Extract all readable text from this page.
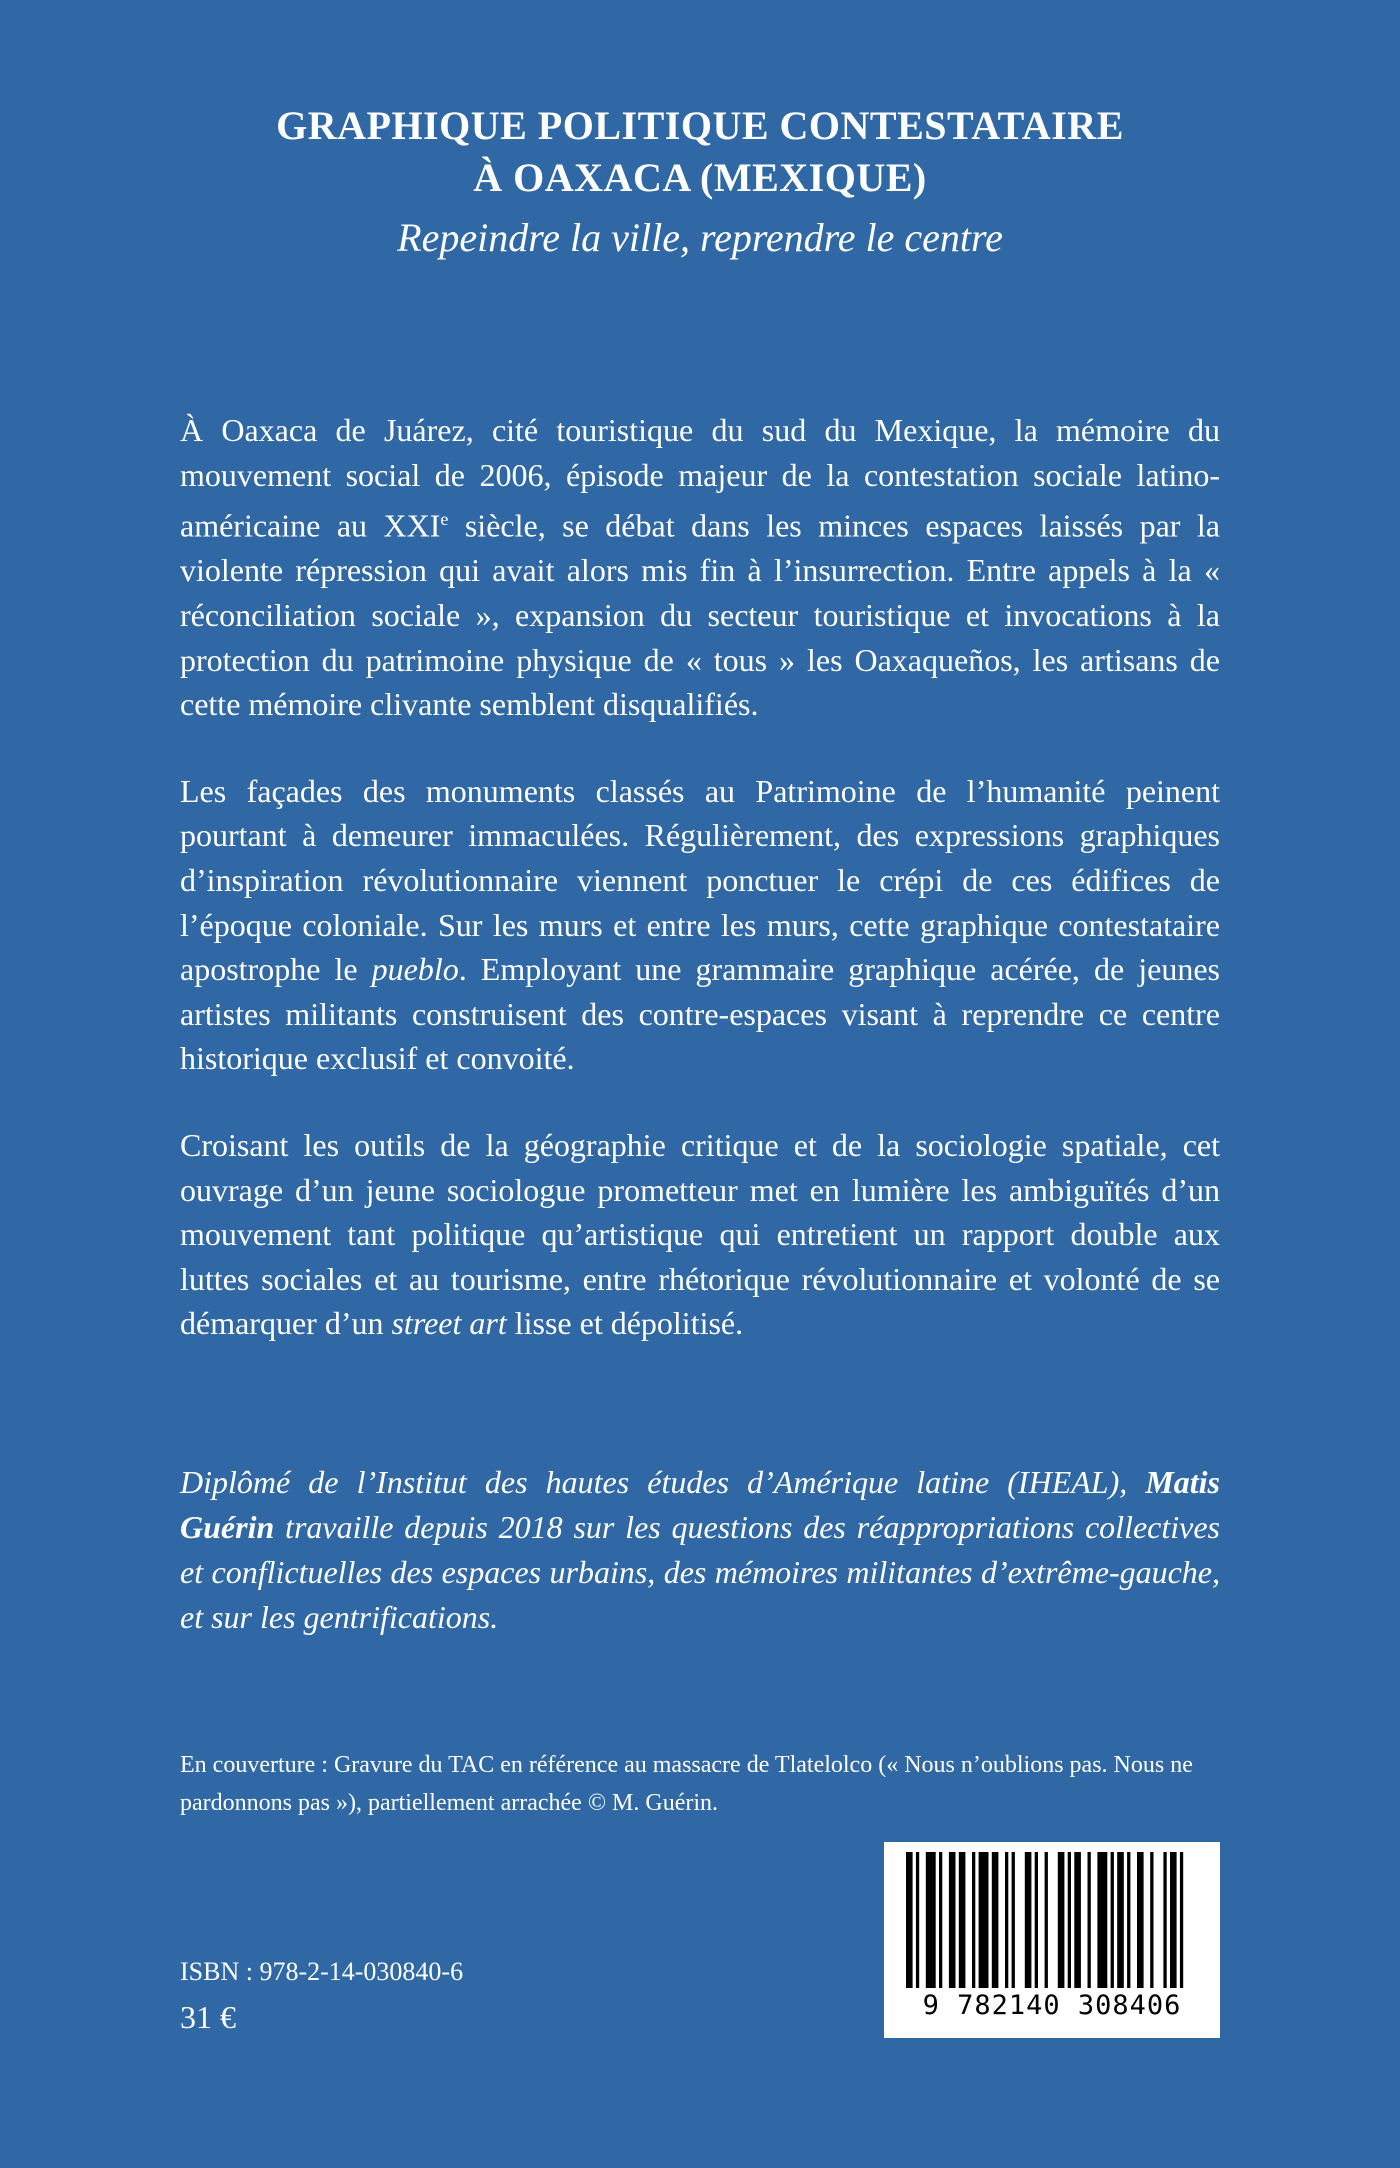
GRAPHIQUE POLITIQUE CONTESTATAIRE
À OAXACA (MEXIQUE)
Repeindre la ville, reprendre le centre

À Oaxaca de Juárez, cité touristique du sud du Mexique, la mémoire du mouvement social de 2006, épisode majeur de la contestation sociale latino-américaine au XXIe siècle, se débat dans les minces espaces laissés par la violente répression qui avait alors mis fin à l’insurrection. Entre appels à la « réconciliation sociale », expansion du secteur touristique et invocations à la protection du patrimoine physique de « tous » les Oaxaqueños, les artisans de cette mémoire clivante semblent disqualifiés.

Les façades des monuments classés au Patrimoine de l’humanité peinent pourtant à demeurer immaculées. Régulièrement, des expressions graphiques d’inspiration révolutionnaire viennent ponctuer le crépi de ces édifices de l’époque coloniale. Sur les murs et entre les murs, cette graphique contestataire apostrophe le pueblo. Employant une grammaire graphique acérée, de jeunes artistes militants construisent des contre-espaces visant à reprendre ce centre historique exclusif et convoité.

Croisant les outils de la géographie critique et de la sociologie spatiale, cet ouvrage d’un jeune sociologue prometteur met en lumière les ambiguïtés d’un mouvement tant politique qu’artistique qui entretient un rapport double aux luttes sociales et au tourisme, entre rhétorique révolutionnaire et volonté de se démarquer d’un street art lisse et dépolitisé.

Diplômé de l’Institut des hautes études d’Amérique latine (IHEAL), Matis Guérin travaille depuis 2018 sur les questions des réappropriations collectives et conflictuelles des espaces urbains, des mémoires militantes d’extrême-gauche, et sur les gentrifications.

En couverture : Gravure du TAC en référence au massacre de Tlatelolco (« Nous n’oublions pas. Nous ne pardonnons pas »), partiellement arrachée © M. Guérin.

ISBN : 978-2-14-030840-6
31 €	9 782140 308406
